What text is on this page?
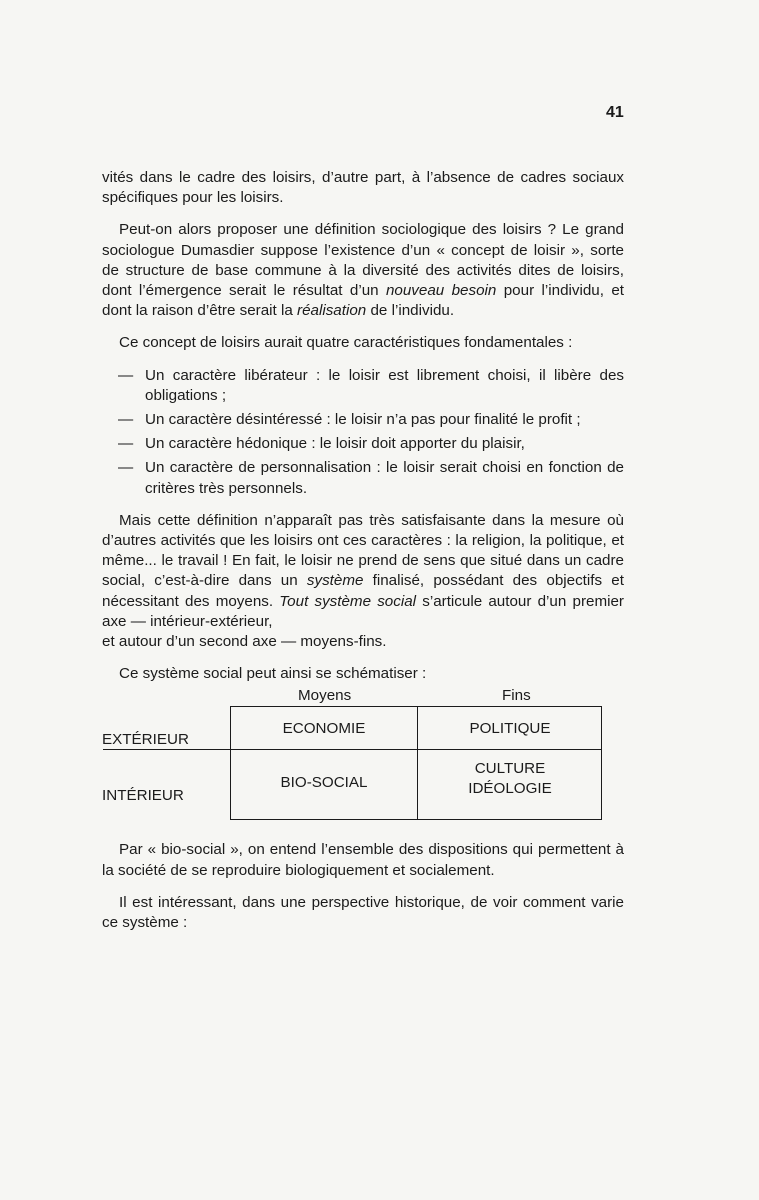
41

vités dans le cadre des loisirs, d’autre part, à l’absence de cadres sociaux spécifiques pour les loisirs.

Peut-on alors proposer une définition sociologique des loisirs ? Le grand sociologue Dumasdier suppose l’existence d’un « concept de loisir », sorte de structure de base commune à la diversité des activités dites de loisirs, dont l’émergence serait le résultat d’un nouveau besoin pour l’individu, et dont la raison d’être serait la réalisation de l’individu.

Ce concept de loisirs aurait quatre caractéristiques fondamentales :

— Un caractère libérateur : le loisir est librement choisi, il libère des obligations ;
— Un caractère désintéressé : le loisir n’a pas pour finalité le profit ;
— Un caractère hédonique : le loisir doit apporter du plaisir,
— Un caractère de personnalisation : le loisir serait choisi en fonction de critères très personnels.

Mais cette définition n’apparaît pas très satisfaisante dans la mesure où d’autres activités que les loisirs ont ces caractères : la religion, la politique, et même... le travail ! En fait, le loisir ne prend de sens que situé dans un cadre social, c’est-à-dire dans un système finalisé, possédant des objectifs et nécessitant des moyens. Tout système social s’articule autour d’un premier axe — intérieur-extérieur,

et autour d’un second axe — moyens-fins.

Ce système social peut ainsi se schématiser :

Moyens	Fins
EXTÉRIEUR
INTÉRIEUR
ECONOMIE	POLITIQUE
BIO-SOCIAL
CULTURE
IDÉOLOGIE

Par « bio-social », on entend l’ensemble des dispositions qui permettent à la société de se reproduire biologiquement et socialement.

Il est intéressant, dans une perspective historique, de voir comment varie ce système :
